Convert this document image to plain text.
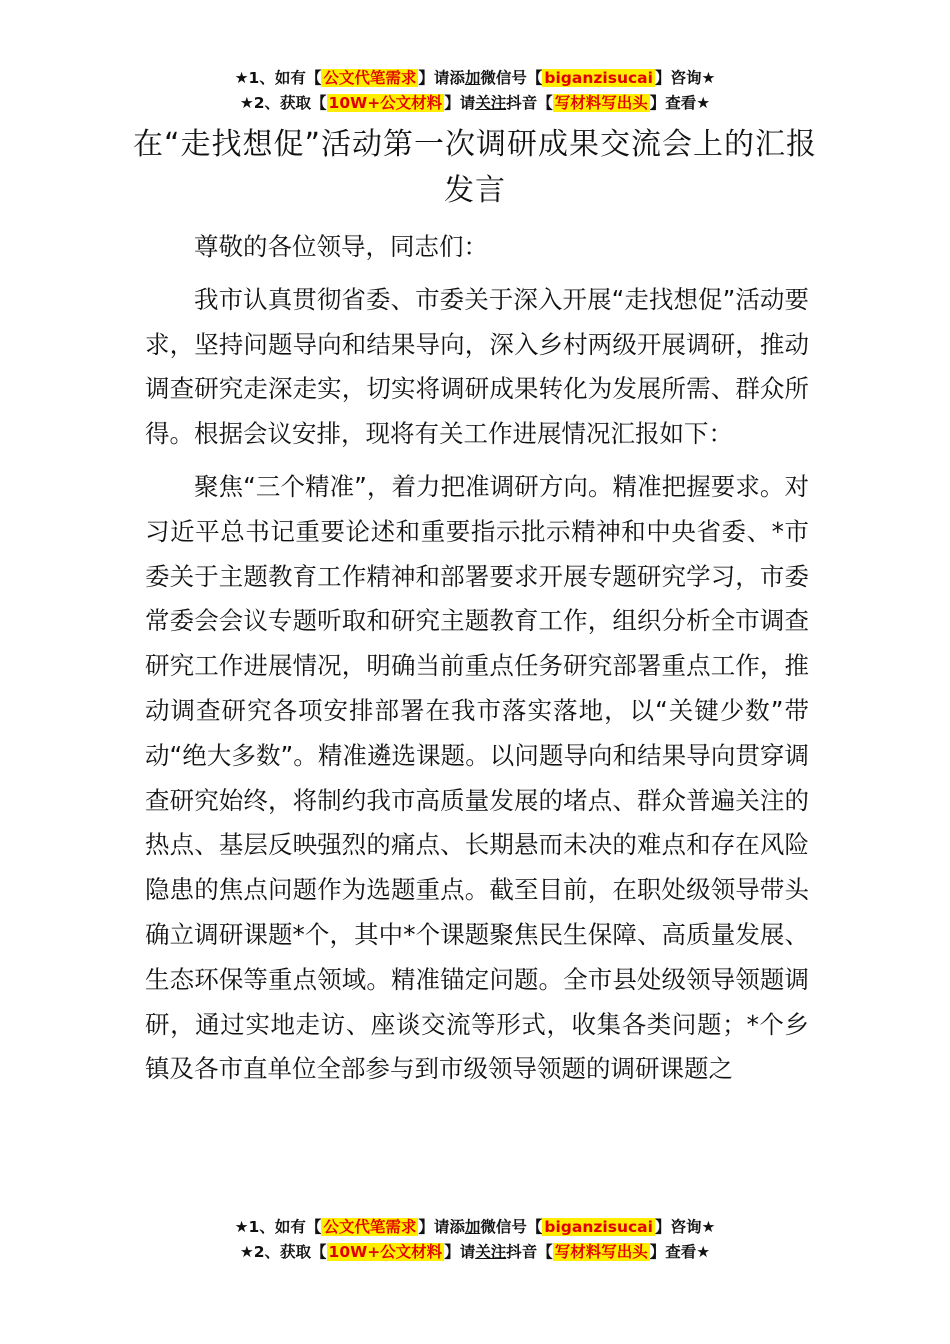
★1、如有【 公文代笔需求 】请添加微信号【 biganzisucai 】咨询★
★2、获取【 10W+公文材料 】请关注抖音【 写材料写出头 】查看★
在“走找想促”活动第一次调研成果交流会上的汇报发言

尊敬的各位领导，同志们：

我市认真贯彻省委、市委关于深入开展“走找想促”活动要求，坚持问题导向和结果导向，深入乡村两级开展调研，推动调查研究走深走实，切实将调研成果转化为发展所需、群众所得。根据会议安排，现将有关工作进展情况汇报如下：

聚焦“三个精准”，着力把准调研方向。精准把握要求。对习近平总书记重要论述和重要指示批示精神和中央省委、*市委关于主题教育工作精神和部署要求开展专题研究学习，市委常委会会议专题听取和研究主题教育工作，组织分析全市调查研究工作进展情况，明确当前重点任务研究部署重点工作，推动调查研究各项安排部署在我市落实落地，以“关键少数”带动“绝大多数”。精准遴选课题。以问题导向和结果导向贯穿调查研究始终，将制约我市高质量发展的堵点、群众普遍关注的热点、基层反映强烈的痛点、长期悬而未决的难点和存在风险隐患的焦点问题作为选题重点。截至目前，在职处级领导带头确立调研课题*个，其中*个课题聚焦民生保障、高质量发展、生态环保等重点领域。精准锚定问题。全市县处级领导领题调研，通过实地走访、座谈交流等形式，收集各类问题；*个乡镇及各市直单位全部参与到市级领导领题的调研课题之

★1、如有【 公文代笔需求 】请添加微信号【 biganzisucai 】咨询★
★2、获取【 10W+公文材料 】请关注抖音【 写材料写出头 】查看★
